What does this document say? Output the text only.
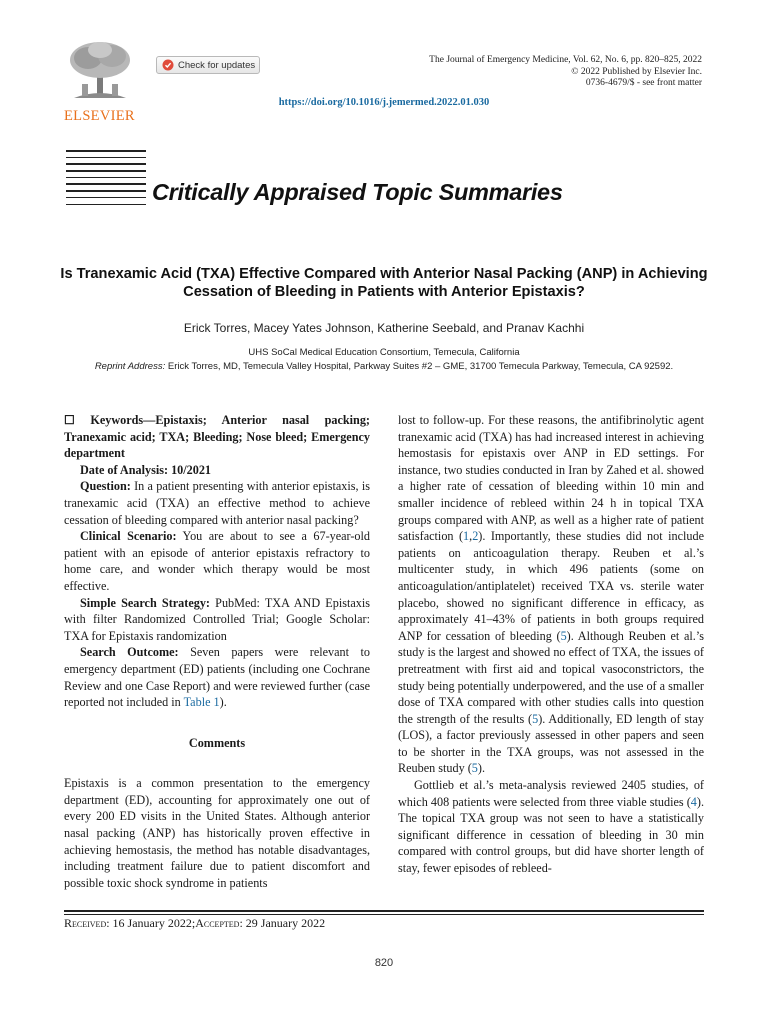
ELSEVIER
Check for updates	The Journal of Emergency Medicine, Vol. 62, No. 6, pp. 820–825, 2022
© 2022 Published by Elsevier Inc.
0736-4679/$ - see front matter
https://doi.org/10.1016/j.jemermed.2022.01.030
Critically Appraised Topic Summaries
Is Tranexamic Acid (TXA) Effective Compared with Anterior Nasal Packing (ANP) in Achieving Cessation of Bleeding in Patients with Anterior Epistaxis?
Erick Torres, Macey Yates Johnson, Katherine Seebald, and Pranav Kachhi
UHS SoCal Medical Education Consortium, Temecula, California
Reprint Address: Erick Torres, MD, Temecula Valley Hospital, Parkway Suites #2 – GME, 31700 Temecula Parkway, Temecula, CA 92592.

☐ Keywords—Epistaxis; Anterior nasal packing; Tranexamic acid; TXA; Bleeding; Nose bleed; Emergency department

Date of Analysis: 10/2021

Question: In a patient presenting with anterior epistaxis, is tranexamic acid (TXA) an effective method to achieve cessation of bleeding compared with anterior nasal packing?

Clinical Scenario: You are about to see a 67-year-old patient with an episode of anterior epistaxis refractory to home care, and wonder which therapy would be most effective.

Simple Search Strategy: PubMed: TXA AND Epistaxis with filter Randomized Controlled Trial; Google Scholar: TXA for Epistaxis randomization

Search Outcome: Seven papers were relevant to emergency department (ED) patients (including one Cochrane Review and one Case Report) and were reviewed further (case reported not included in Table 1).

Comments

Epistaxis is a common presentation to the emergency department (ED), accounting for approximately one out of every 200 ED visits in the United States. Although anterior nasal packing (ANP) has historically proven effective in achieving hemostasis, the method has notable disadvantages, including treatment failure due to patient discomfort and possible toxic shock syndrome in patients

lost to follow-up. For these reasons, the antifibrinolytic agent tranexamic acid (TXA) has had increased interest in achieving hemostasis for epistaxis over ANP in ED settings. For instance, two studies conducted in Iran by Zahed et al. showed a higher rate of cessation of bleeding within 10 min and smaller incidence of rebleed within 24 h in topical TXA groups compared with ANP, as well as a higher rate of patient satisfaction (1,2). Importantly, these studies did not include patients on anticoagulation therapy. Reuben et al.’s multicenter study, in which 496 patients (some on anticoagulation/antiplatelet) received TXA vs. sterile water placebo, showed no significant difference in efficacy, as approximately 41–43% of patients in both groups required ANP for cessation of bleeding (5). Although Reuben et al.’s study is the largest and showed no effect of TXA, the issues of pretreatment with first aid and topical vasoconstrictors, the study being potentially underpowered, and the use of a smaller dose of TXA compared with other studies calls into question the strength of the results (5). Additionally, ED length of stay (LOS), a factor previously assessed in other papers and seen to be shorter in the TXA groups, was not assessed in the Reuben study (5).

Gottlieb et al.’s meta-analysis reviewed 2405 studies, of which 408 patients were selected from three viable studies (4). The topical TXA group was not seen to have a statistically significant difference in cessation of bleeding in 30 min compared with control groups, but did have shorter length of stay, fewer episodes of rebleed-

Received: 16 January 2022;Accepted: 29 January 2022
820
